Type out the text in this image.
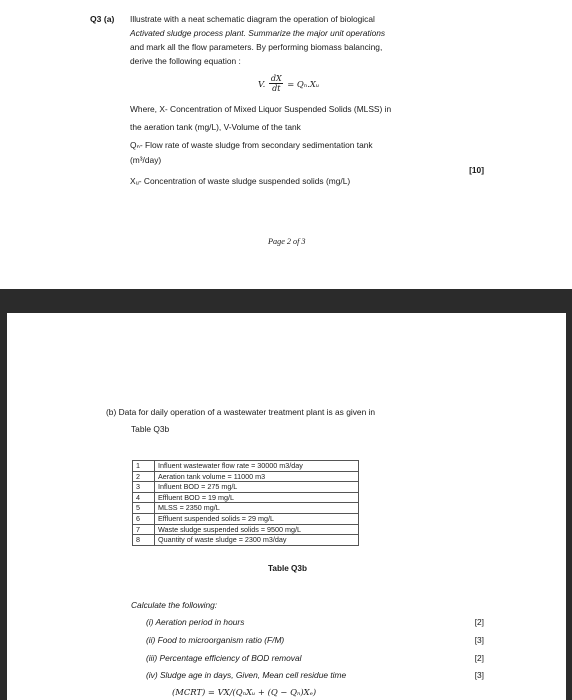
Q3 (a) Illustrate with a neat schematic diagram the operation of biological
Activated sludge process plant. Summarize the major unit operations
and mark all the flow parameters. By performing biomass balancing,
derive the following equation :
V. $\frac{dX}{dt}$ = Qₙ.Xᵤ
Where, X- Concentration of Mixed Liquor Suspended Solids (MLSS) in
the aeration tank (mg/L), V-Volume of the tank
Qₙ- Flow rate of waste sludge from secondary sedimentation tank
(m³/day)
Xᵤ- Concentration of waste sludge suspended solids (mg/L)
[10]
Page 2 of 3
(b) Data for daily operation of a wastewater treatment plant is as given in
Table Q3b
1	Influent wastewater flow rate = 30000 m3/day
2	Aeration tank volume = 11000 m3
3	Influent BOD = 275 mg/L
4	Effluent BOD = 19 mg/L
5	MLSS = 2350 mg/L
6	Effluent suspended solids = 29 mg/L
7	Waste sludge suspended solids = 9500 mg/L
8	Quantity of waste sludge = 2300 m3/day
Table Q3b
Calculate the following:
(i) Aeration period in hours
(ii) Food to microorganism ratio (F/M)
(iii) Percentage efficiency of BOD removal
(iv) Sludge age in days, Given, Mean cell residue time
(MCRT) = VX/(QₙXᵤ + (Q − Qₙ)Xₑ)
[2]
[3]
[2]
[3]
